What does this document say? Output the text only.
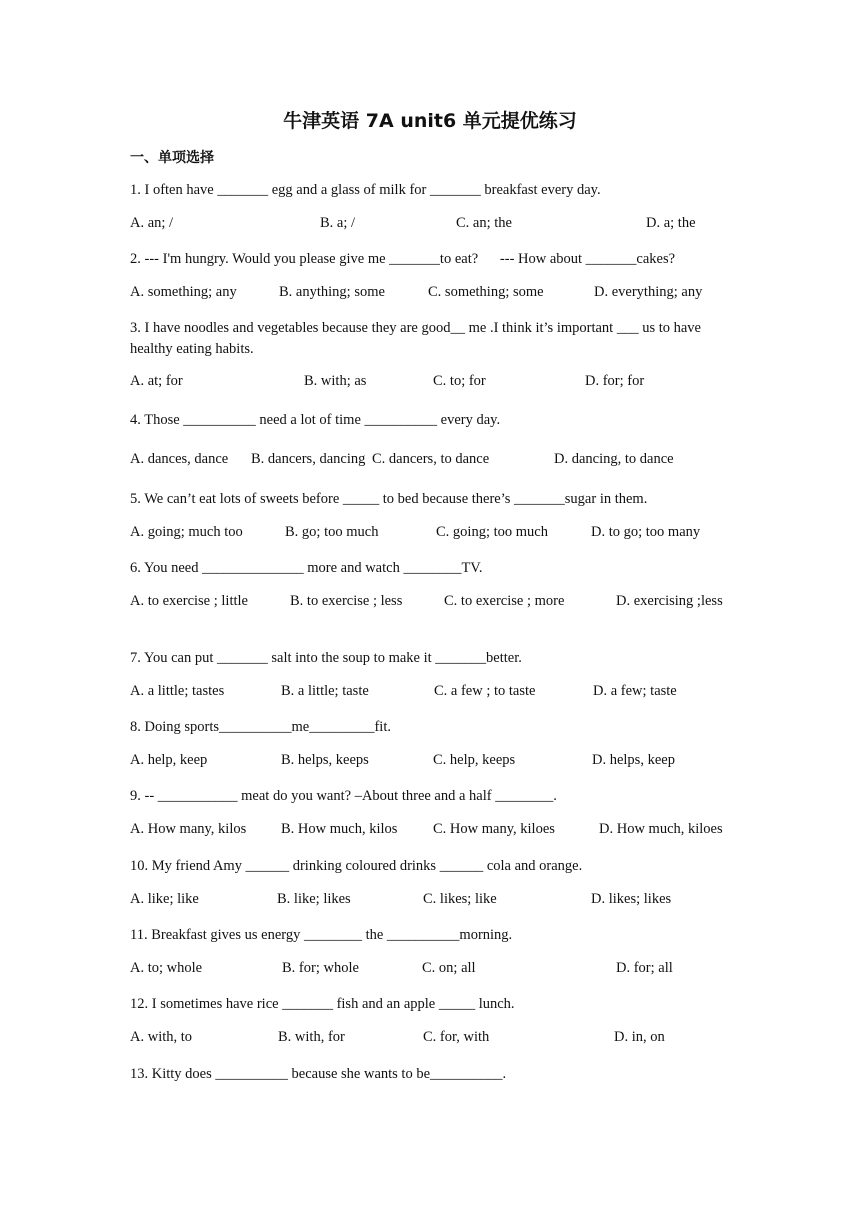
牛津英语 7A unit6 单元提优练习
一、单项选择
1. I often have _______ egg and a glass of milk for _______ breakfast every day.
A. an; /	B. a; /	C. an; the	D. a; the
2. --- I'm hungry. Would you please give me _______to eat?      --- How about _______cakes?
A. something; any	B. anything; some	C. something; some	D. everything; any
3. I have noodles and vegetables because they are good__ me .I think it’s important ___ us to have healthy eating habits.
A. at; for	B. with; as	C. to; for	D. for; for
4. Those __________ need a lot of time __________ every day.
A. dances, dance B. dancers, dancing C. dancers, to dance	D. dancing, to dance
5. We can’t eat lots of sweets before _____ to bed because there’s _______sugar in them.
A. going; much too	B. go; too much	C. going; too much	D. to go; too many
6. You need ______________ more and watch ________TV.
A. to exercise ; little	B. to exercise ; less	C. to exercise ; more	D. exercising ;less
7. You can put _______ salt into the soup to make it _______better.
A. a little; tastes	B. a little; taste	C. a few ; to taste	D. a few; taste
8. Doing sports__________me_________fit.
A. help, keep	B. helps, keeps	C. help, keeps	D. helps, keep
9. -- ___________ meat do you want? –About three and a half ________.
A. How many, kilos B. How much, kilos C. How many, kiloes	D. How much, kiloes
10. My friend Amy ______ drinking coloured drinks ______ cola and orange.
A. like; like	B. like; likes	C. likes; like	D. likes; likes
11. Breakfast gives us energy ________ the __________morning.
A. to; whole	B. for; whole	C. on; all	D. for; all
12. I sometimes have rice _______ fish and an apple _____ lunch.
A. with, to	B. with, for	C. for, with	D. in, on
13. Kitty does __________ because she wants to be__________.
